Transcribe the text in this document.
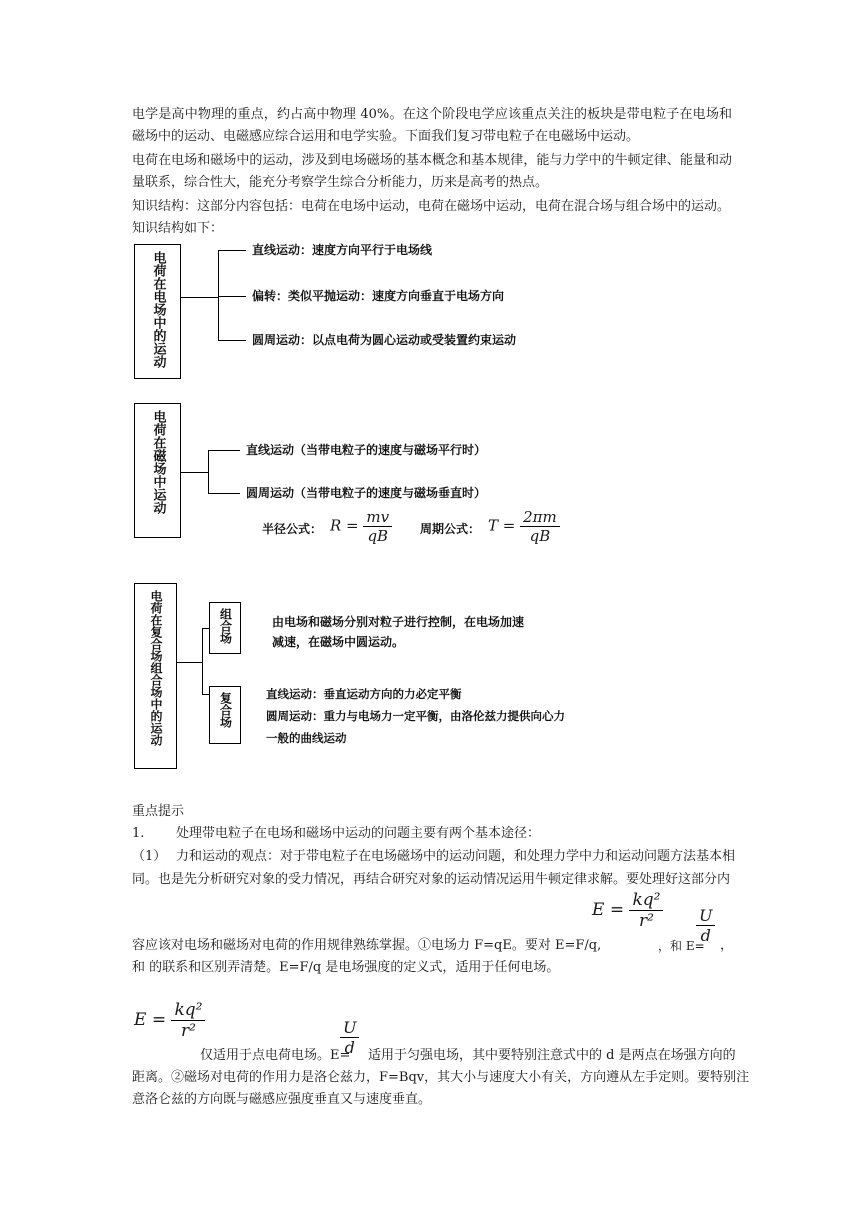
电学是高中物理的重点，约占高中物理 40%。在这个阶段电学应该重点关注的板块是带电粒子在电场和磁场中的运动、电磁感应综合运用和电学实验。下面我们复习带电粒子在电磁场中运动。
电荷在电场和磁场中的运动，涉及到电场磁场的基本概念和基本规律，能与力学中的牛顿定律、能量和动量联系，综合性大，能充分考察学生综合分析能力，历来是高考的热点。
知识结构：这部分内容包括：电荷在电场中运动，电荷在磁场中运动，电荷在混合场与组合场中的运动。
知识结构如下：
电荷在电场中的运动
直线运动：速度方向平行于电场线
偏转：类似平抛运动：速度方向垂直于电场方向
圆周运动：以点电荷为圆心运动或受装置约束运动
电荷在磁场中运动	直线运动（当带电粒子的速度与磁场平行时）
圆周运动（当带电粒子的速度与磁场垂直时）
半径公式： $R = \frac{mv}{qB}$ 周期公式： $T = \frac{2\pi m}{qB}$
电荷在复合场组合场中的运动	组合场	由电场和磁场分别对粒子进行控制，在电场加速
减速，在磁场中圆运动。
复合场	直线运动：垂直运动方向的力必定平衡
圆周运动：重力与电场力一定平衡，由洛伦兹力提供向心力
一般的曲线运动
重点提示
1. 处理带电粒子在电场和磁场中运动的问题主要有两个基本途径：
（1） 力和运动的观点：对于带电粒子在电场磁场中的运动问题，和处理力学中力和运动问题方法基本相
同。也是先分析研究对象的受力情况，再结合研究对象的运动情况运用牛顿定律求解。要处理好这部分内
$E = \frac{\text{kq²}}{\text{r²}} \frac{U}{d}$
容应该对电场和磁场对电荷的作用规律熟练掌握。①电场力 F=qE。要对 E=F/q,	，和 E= ，
和 的联系和区别弄清楚。E=F/q 是电场强度的定义式，适用于任何电场。
$E = \frac{\text{kq²}}{\text{r²}}$	$\frac{U}{d}$
仅适用于点电荷电场。E= 适用于匀强电场，其中要特别注意式中的 d 是两点在场强方向的
距离。②磁场对电荷的作用力是洛仑兹力，F=Bqv，其大小与速度大小有关，方向遵从左手定则。要特别注
意洛仑兹的方向既与磁感应强度垂直又与速度垂直。
